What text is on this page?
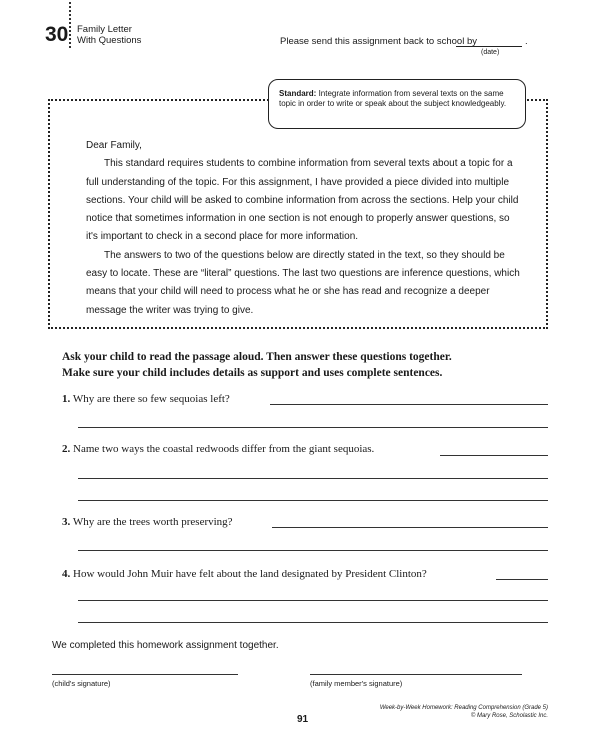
30 Family Letter
With Questions	Please send this assignment back to school by	.
(date)
Standard: Integrate information from several texts on the same topic in order to write or speak about the subject knowledgeably.

Dear Family,

This standard requires students to combine information from several texts about a topic for a full understanding of the topic. For this assignment, I have provided a piece divided into multiple sections. Your child will be asked to combine information from across the sections. Help your child notice that sometimes information in one section is not enough to properly answer questions, so it's important to check in a second place for more information.

The answers to two of the questions below are directly stated in the text, so they should be easy to locate. These are “literal” questions. The last two questions are inference questions, which means that your child will need to process what he or she has read and recognize a deeper message the writer was trying to give.

Ask your child to read the passage aloud. Then answer these questions together.
Make sure your child includes details as support and uses complete sentences.
1. Why are there so few sequoias left?
2. Name two ways the coastal redwoods differ from the giant sequoias.
3. Why are the trees worth preserving?
4. How would John Muir have felt about the land designated by President Clinton?
We completed this homework assignment together.
(child's signature)	(family member's signature)
91
Week-by-Week Homework: Reading Comprehension (Grade 5)
© Mary Rose, Scholastic Inc.
